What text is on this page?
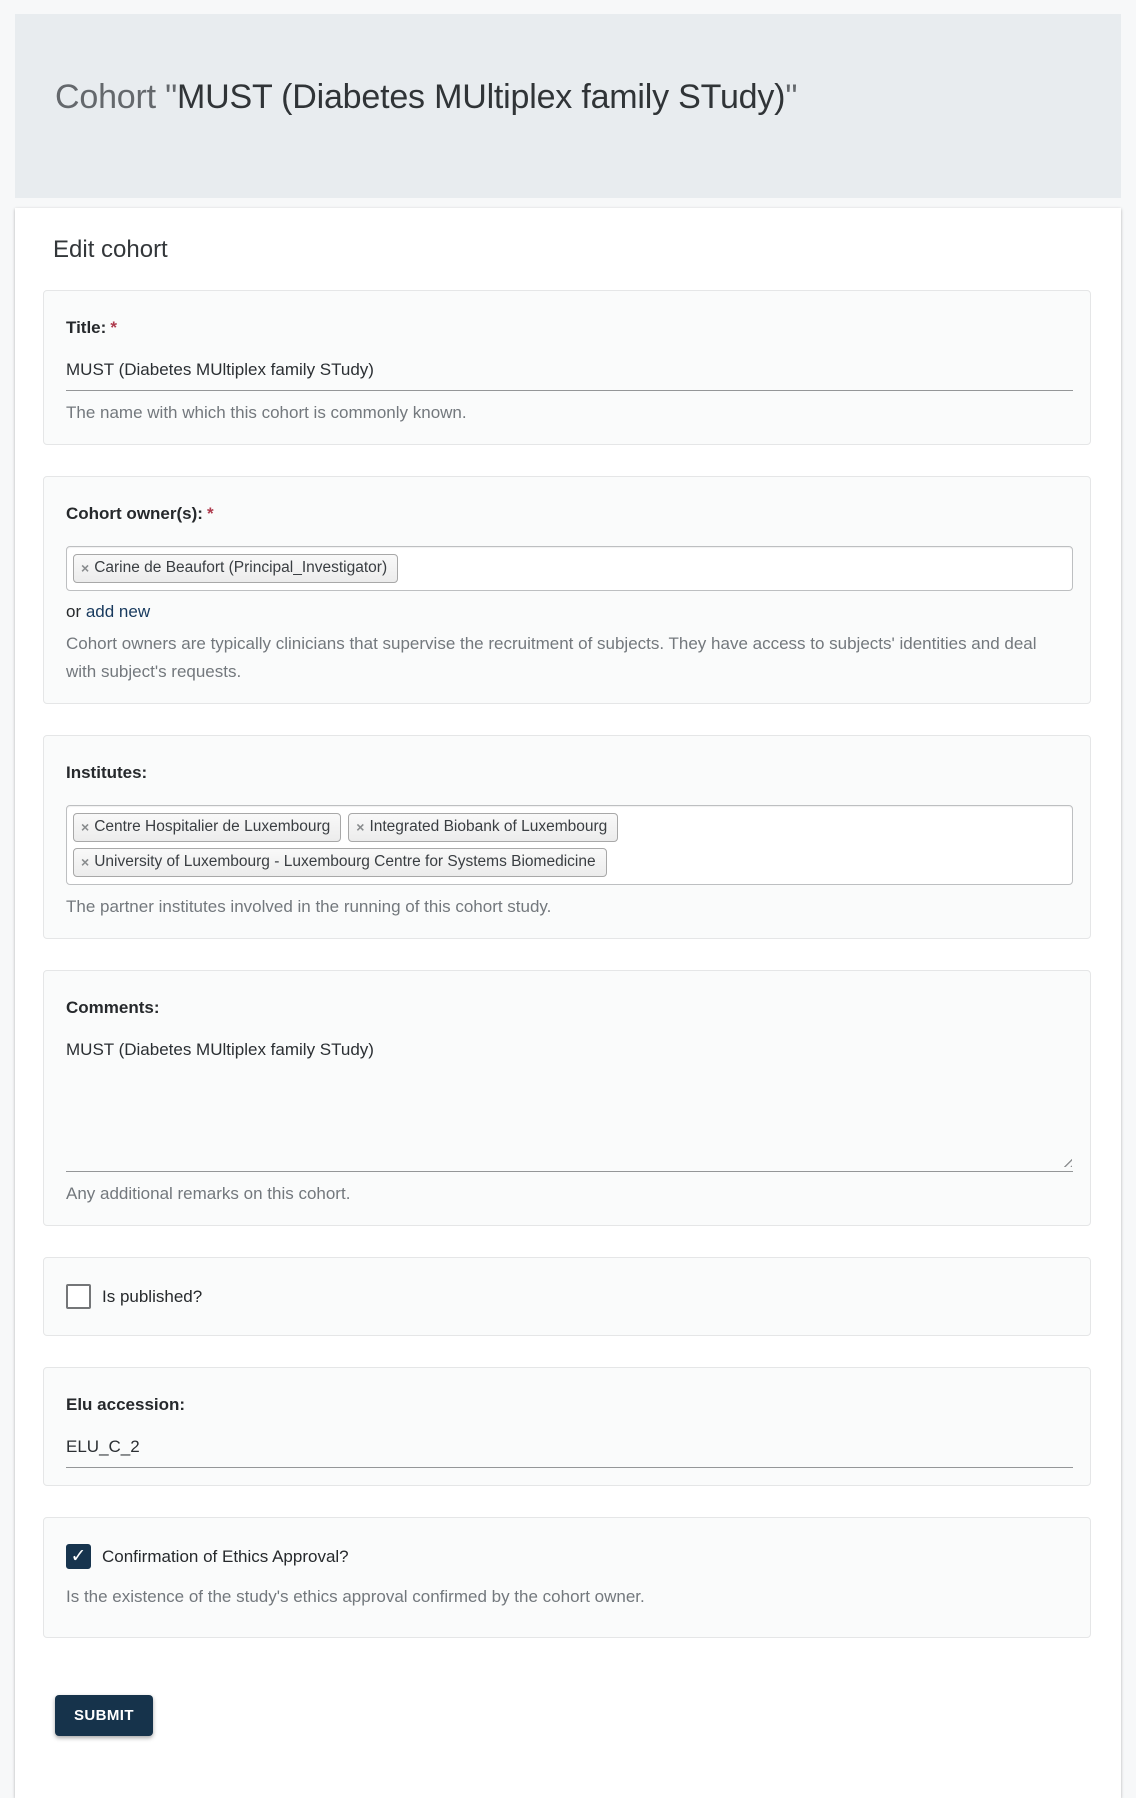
Cohort "MUST (Diabetes MUltiplex family STudy)"
Edit cohort
Title: *
MUST (Diabetes MUltiplex family STudy)
The name with which this cohort is commonly known.
Cohort owner(s): *
× Carine de Beaufort (Principal_Investigator)
or add new
Cohort owners are typically clinicians that supervise the recruitment of subjects. They have access to subjects' identities and deal with subject's requests.
Institutes:
× Centre Hospitalier de Luxembourg × Integrated Biobank of Luxembourg
× University of Luxembourg - Luxembourg Centre for Systems Biomedicine
The partner institutes involved in the running of this cohort study.
Comments:
MUST (Diabetes MUltiplex family STudy)
Any additional remarks on this cohort.
Is published?
Elu accession:
ELU_C_2
✓ Confirmation of Ethics Approval?
Is the existence of the study's ethics approval confirmed by the cohort owner.
SUBMIT
